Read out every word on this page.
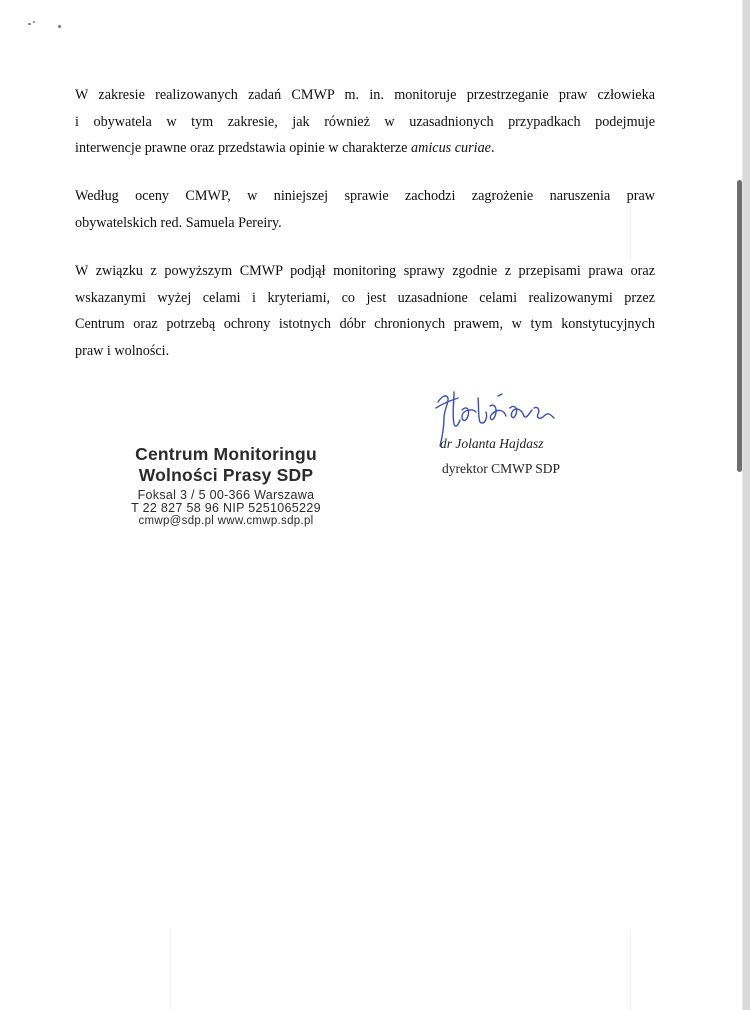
W zakresie realizowanych zadań CMWP m. in. monitoruje przestrzeganie praw człowieka
i obywatela w tym zakresie, jak również w uzasadnionych przypadkach podejmuje
interwencje prawne oraz przedstawia opinie w charakterze amicus curiae.

Według oceny CMWP, w niniejszej sprawie zachodzi zagrożenie naruszenia praw
obywatelskich red. Samuela Pereiry.

W związku z powyższym CMWP podjął monitoring sprawy zgodnie z przepisami prawa oraz
wskazanymi wyżej celami i kryteriami, co jest uzasadnione celami realizowanymi przez
Centrum oraz potrzebą ochrony istotnych dóbr chronionych prawem, w tym konstytucyjnych
praw i wolności.

dr Jolanta Hajdasz
dyrektor CMWP SDP
Centrum Monitoringu
Wolności Prasy SDP
Foksal 3 / 5 00-366 Warszawa
T 22 827 58 96 NIP 5251065229
cmwp@sdp.pl www.cmwp.sdp.pl
